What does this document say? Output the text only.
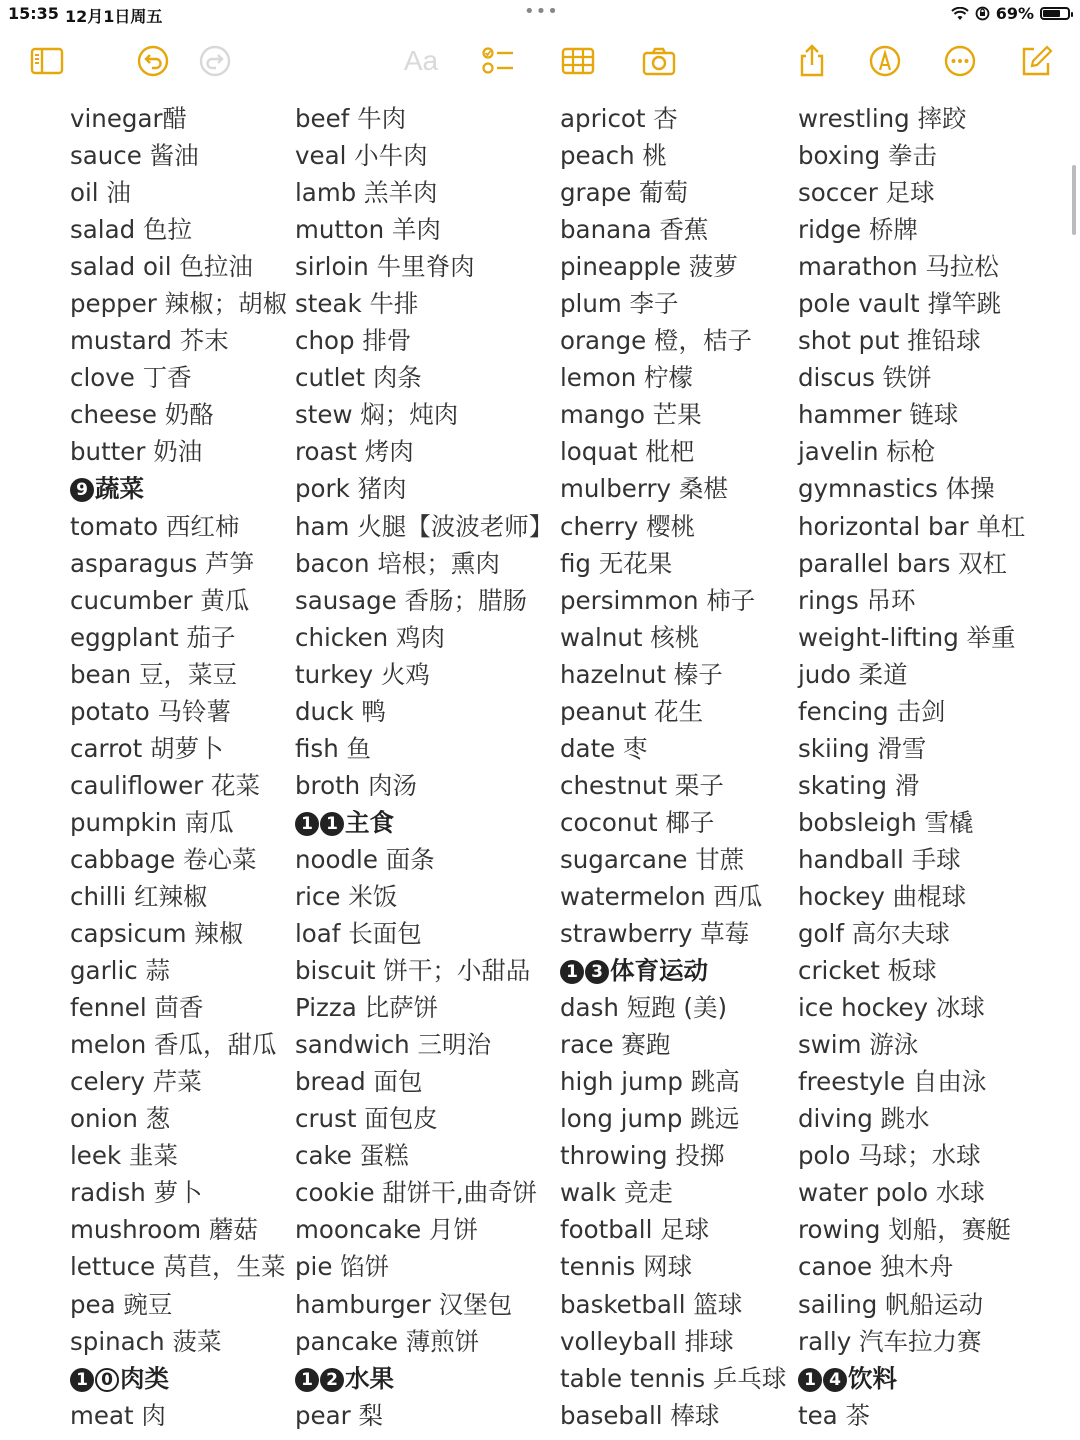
15:35 12月1日周五	•••	69%
Aa
vinegar醋
sauce 酱油
oil 油
salad 色拉
salad oil 色拉油
pepper 辣椒；胡椒
mustard 芥末
clove 丁香
cheese 奶酪
butter 奶油
9 蔬菜
tomato 西红柿
asparagus 芦笋
cucumber 黄瓜
eggplant 茄子
bean 豆，菜豆
potato 马铃薯
carrot 胡萝卜
cauliflower 花菜
pumpkin 南瓜
cabbage 卷心菜
chilli 红辣椒
capsicum 辣椒
garlic 蒜
fennel 茴香
melon 香瓜，甜瓜
celery 芹菜
onion 葱
leek 韭菜
radish 萝卜
mushroom 蘑菇
lettuce 莴苣，生菜
pea 豌豆
spinach 菠菜
1 0 肉类
meat 肉
beef 牛肉
veal 小牛肉
lamb 羔羊肉
mutton 羊肉
sirloin 牛里脊肉
steak 牛排
chop 排骨
cutlet 肉条
stew 焖；炖肉
roast 烤肉
pork 猪肉
ham 火腿【波波老师】
bacon 培根；熏肉
sausage 香肠；腊肠
chicken 鸡肉
turkey 火鸡
duck 鸭
fish 鱼
broth 肉汤
1 1 主食
noodle 面条
rice 米饭
loaf 长面包
biscuit 饼干；小甜品
Pizza 比萨饼
sandwich 三明治
bread 面包
crust 面包皮
cake 蛋糕
cookie 甜饼干,曲奇饼
mooncake 月饼
pie 馅饼
hamburger 汉堡包
pancake 薄煎饼
1 2 水果
pear 梨
apricot 杏
peach 桃
grape 葡萄
banana 香蕉
pineapple 菠萝
plum 李子
orange 橙，桔子
lemon 柠檬
mango 芒果
loquat 枇杷
mulberry 桑椹
cherry 樱桃
fig 无花果
persimmon 柿子
walnut 核桃
hazelnut 榛子
peanut 花生
date 枣
chestnut 栗子
coconut 椰子
sugarcane 甘蔗
watermelon 西瓜
strawberry 草莓
1 3 体育运动
dash 短跑 (美)
race 赛跑
high jump 跳高
long jump 跳远
throwing 投掷
walk 竞走
football 足球
tennis 网球
basketball 篮球
volleyball 排球
table tennis 乒乓球
baseball 棒球
wrestling 摔跤
boxing 拳击
soccer 足球
ridge 桥牌
marathon 马拉松
pole vault 撑竿跳
shot put 推铅球
discus 铁饼
hammer 链球
javelin 标枪
gymnastics 体操
horizontal bar 单杠
parallel bars 双杠
rings 吊环
weight-lifting 举重
judo 柔道
fencing 击剑
skiing 滑雪
skating 滑
bobsleigh 雪橇
handball 手球
hockey 曲棍球
golf 高尔夫球
cricket 板球
ice hockey 冰球
swim 游泳
freestyle 自由泳
diving 跳水
polo 马球；水球
water polo 水球
rowing 划船，赛艇
canoe 独木舟
sailing 帆船运动
rally 汽车拉力赛
1 4 饮料
tea 茶
